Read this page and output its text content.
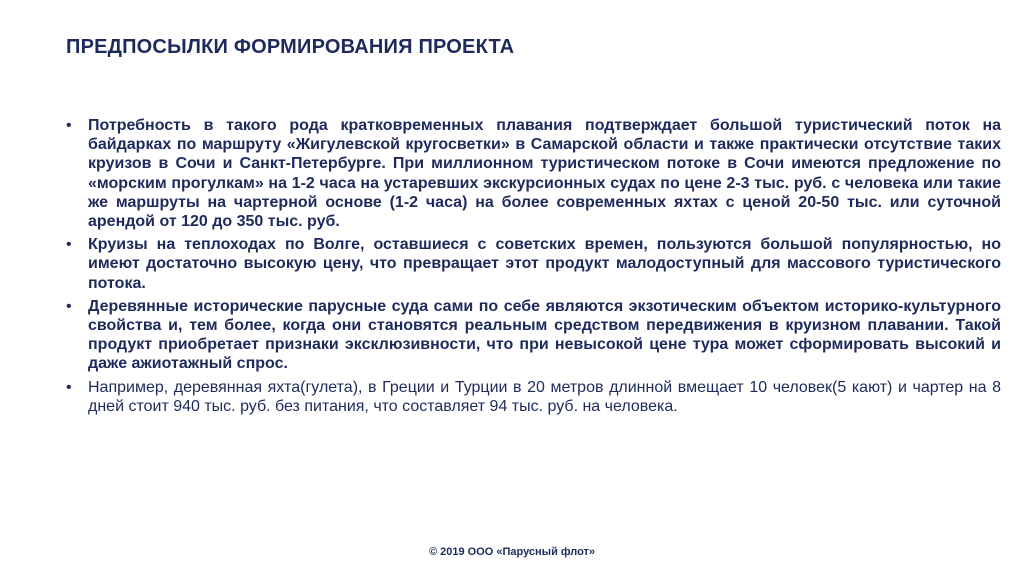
ПРЕДПОСЫЛКИ ФОРМИРОВАНИЯ ПРОЕКТА
•	Потребность в такого рода кратковременных плавания подтверждает большой туристический поток на байдарках по маршруту «Жигулевской кругосветки» в Самарской области и также практически отсутствие таких круизов в Сочи и Санкт-Петербурге. При миллионном туристическом потоке в Сочи имеются предложение по «морским прогулкам» на 1-2 часа на устаревших экскурсионных судах по цене 2-3 тыс. руб. с человека или такие же маршруты на чартерной основе (1-2 часа) на более современных яхтах с ценой 20-50 тыс. или суточной арендой от 120 до 350 тыс. руб.
•	Круизы на теплоходах по Волге, оставшиеся с советских времен, пользуются большой популярностью, но имеют достаточно высокую цену, что превращает этот продукт малодоступный для массового туристического потока.
•	Деревянные исторические парусные суда сами по себе являются экзотическим объектом историко-культурного свойства и, тем более, когда они становятся реальным средством передвижения в круизном плавании. Такой продукт приобретает признаки эксклюзивности, что при невысокой цене тура может сформировать высокий и даже ажиотажный спрос.
•	Например, деревянная яхта(гулета), в Греции и Турции в 20 метров длинной вмещает 10 человек(5 кают) и чартер на 8 дней стоит 940 тыс. руб. без питания, что составляет 94 тыс. руб. на человека.
© 2019 ООО «Парусный флот»
